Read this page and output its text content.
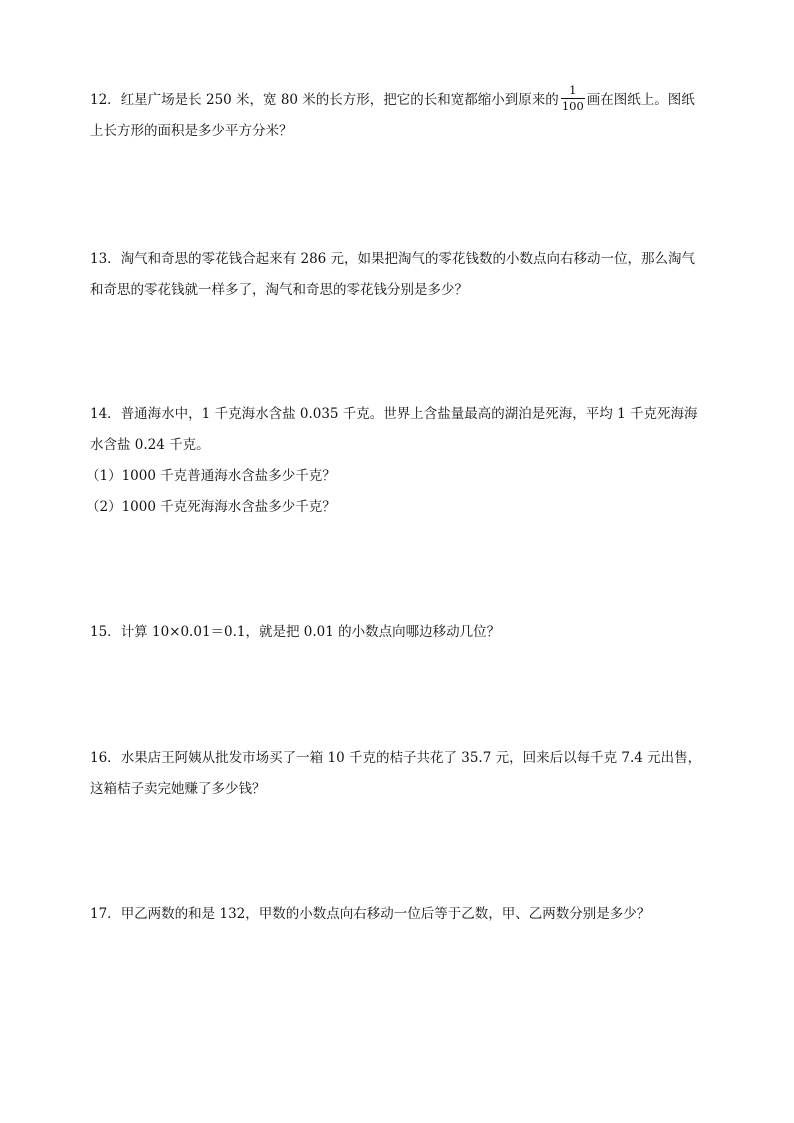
12．红星广场是长 250 米，宽 80 米的长方形，把它的长和宽都缩小到原来的 $\frac{1}{100}$ 画在图纸上。图纸
上长方形的面积是多少平方分米？
13．淘气和奇思的零花钱合起来有 286 元，如果把淘气的零花钱数的小数点向右移动一位，那么淘气
和奇思的零花钱就一样多了，淘气和奇思的零花钱分别是多少？
14．普通海水中，1 千克海水含盐 0.035 千克。世界上含盐量最高的湖泊是死海，平均 1 千克死海海
水含盐 0.24 千克。
（1）1000 千克普通海水含盐多少千克？
（2）1000 千克死海海水含盐多少千克？
15．计算 10×0.01＝0.1，就是把 0.01 的小数点向哪边移动几位？
16．水果店王阿姨从批发市场买了一箱 10 千克的桔子共花了 35.7 元，回来后以每千克 7.4 元出售，
这箱桔子卖完她赚了多少钱？
17．甲乙两数的和是 132，甲数的小数点向右移动一位后等于乙数，甲、乙两数分别是多少？
